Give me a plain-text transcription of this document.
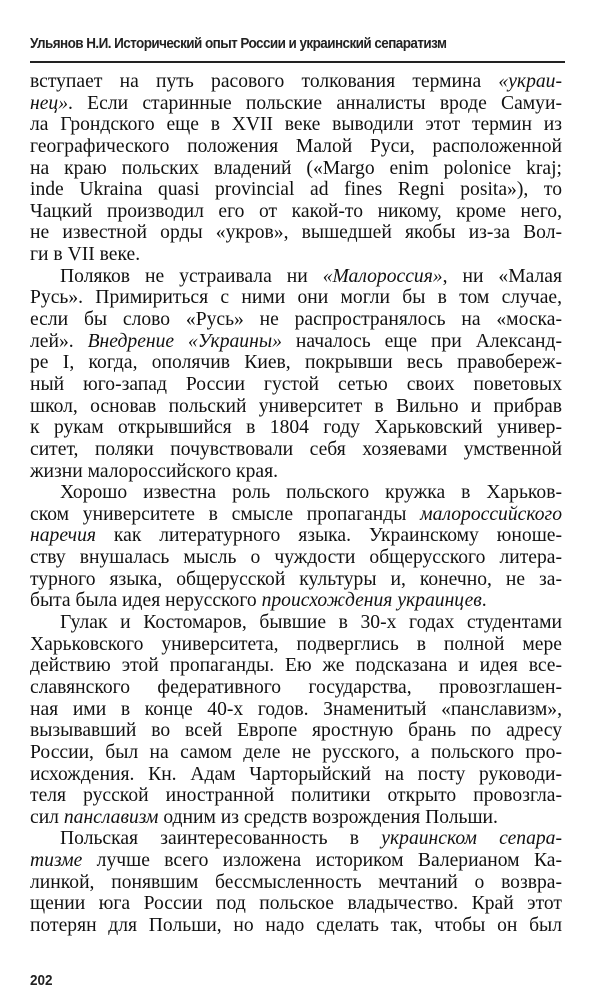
Ульянов Н.И. Исторический опыт России и украинский сепаратизм
вступает на путь расового толкования термина «украи-
нец». Если старинные польские анналисты вроде Самуи-
ла Грондского еще в XVII веке выводили этот термин из
географического положения Малой Руси, расположенной
на краю польских владений («Margo enim polonice kraj;
inde Ukraina quasi provincial ad fines Regni posita»), то
Чацкий производил его от какой-то никому, кроме него,
не известной орды «укров», вышедшей якобы из-за Вол-
ги в VII веке.
Поляков не устраивала ни «Малороссия», ни «Малая
Русь». Примириться с ними они могли бы в том случае,
если бы слово «Русь» не распространялось на «моска-
лей». Внедрение «Украины» началось еще при Александ-
ре I, когда, ополячив Киев, покрывши весь правобереж-
ный юго-запад России густой сетью своих поветовых
школ, основав польский университет в Вильно и прибрав
к рукам открывшийся в 1804 году Харьковский универ-
ситет, поляки почувствовали себя хозяевами умственной
жизни малороссийского края.
Хорошо известна роль польского кружка в Харьков-
ском университете в смысле пропаганды малороссийского
наречия как литературного языка. Украинскому юноше-
ству внушалась мысль о чуждости общерусского литера-
турного языка, общерусской культуры и, конечно, не за-
быта была идея нерусского происхождения украинцев.
Гулак и Костомаров, бывшие в 30-х годах студентами
Харьковского университета, подверглись в полной мере
действию этой пропаганды. Ею же подсказана и идея все-
славянского федеративного государства, провозглашен-
ная ими в конце 40-х годов. Знаменитый «панславизм»,
вызывавший во всей Европе яростную брань по адресу
России, был на самом деле не русского, а польского про-
исхождения. Кн. Адам Чарторыйский на посту руководи-
теля русской иностранной политики открыто провозгла-
сил панславизм одним из средств возрождения Польши.
Польская заинтересованность в украинском сепара-
тизме лучше всего изложена историком Валерианом Ка-
линкой, понявшим бессмысленность мечтаний о возвра-
щении юга России под польское владычество. Край этот
потерян для Польши, но надо сделать так, чтобы он был
202
